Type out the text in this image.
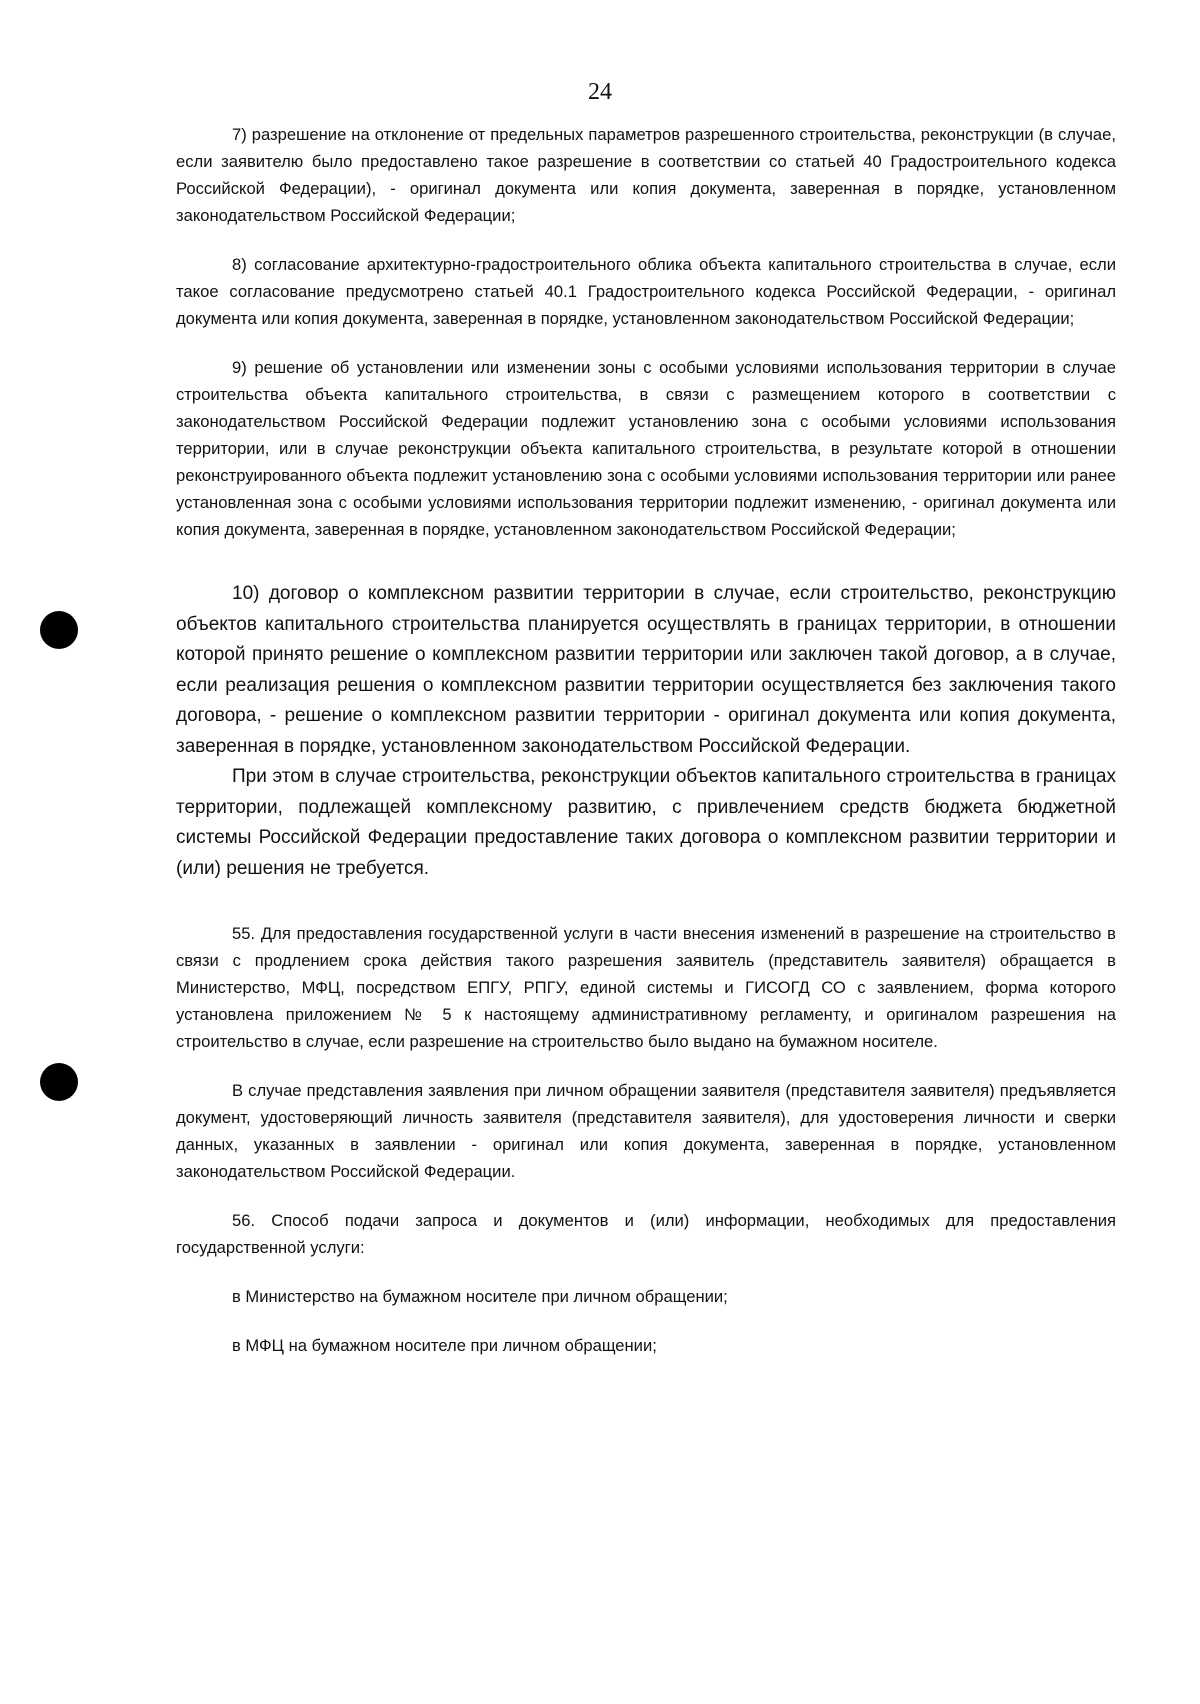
24

7) разрешение на отклонение от предельных параметров разрешенного строительства, реконструкции (в случае, если заявителю было предоставлено такое разрешение в соответствии со статьей 40 Градостроительного кодекса Российской Федерации), - оригинал документа или копия документа, заверенная в порядке, установленном законодательством Российской Федерации;

8) согласование архитектурно-градостроительного облика объекта капитального строительства в случае, если такое согласование предусмотрено статьей 40.1 Градостроительного кодекса Российской Федерации, - оригинал документа или копия документа, заверенная в порядке, установленном законодательством Российской Федерации;

9) решение об установлении или изменении зоны с особыми условиями использования территории в случае строительства объекта капитального строительства, в связи с размещением которого в соответствии с законодательством Российской Федерации подлежит установлению зона с особыми условиями использования территории, или в случае реконструкции объекта капитального строительства, в результате которой в отношении реконструированного объекта подлежит установлению зона с особыми условиями использования территории или ранее установленная зона с особыми условиями использования территории подлежит изменению, - оригинал документа или копия документа, заверенная в порядке, установленном законодательством Российской Федерации;

10) договор о комплексном развитии территории в случае, если строительство, реконструкцию объектов капитального строительства планируется осуществлять в границах территории, в отношении которой принято решение о комплексном развитии территории или заключен такой договор, а в случае, если реализация решения о комплексном развитии территории осуществляется без заключения такого договора, - решение о комплексном развитии территории - оригинал документа или копия документа, заверенная в порядке, установленном законодательством Российской Федерации.

При этом в случае строительства, реконструкции объектов капитального строительства в границах территории, подлежащей комплексному развитию, с привлечением средств бюджета бюджетной системы Российской Федерации предоставление таких договора о комплексном развитии территории и (или) решения не требуется.

55. Для предоставления государственной услуги в части внесения изменений в разрешение на строительство в связи с продлением срока действия такого разрешения заявитель (представитель заявителя) обращается в Министерство, МФЦ, посредством ЕПГУ, РПГУ, единой системы и ГИСОГД СО с заявлением, форма которого установлена приложением № 5 к настоящему административному регламенту, и оригиналом разрешения на строительство в случае, если разрешение на строительство было выдано на бумажном носителе.

В случае представления заявления при личном обращении заявителя (представителя заявителя) предъявляется документ, удостоверяющий личность заявителя (представителя заявителя), для удостоверения личности и сверки данных, указанных в заявлении - оригинал или копия документа, заверенная в порядке, установленном законодательством Российской Федерации.

56. Способ подачи запроса и документов и (или) информации, необходимых для предоставления государственной услуги:

в Министерство на бумажном носителе при личном обращении;

в МФЦ на бумажном носителе при личном обращении;
